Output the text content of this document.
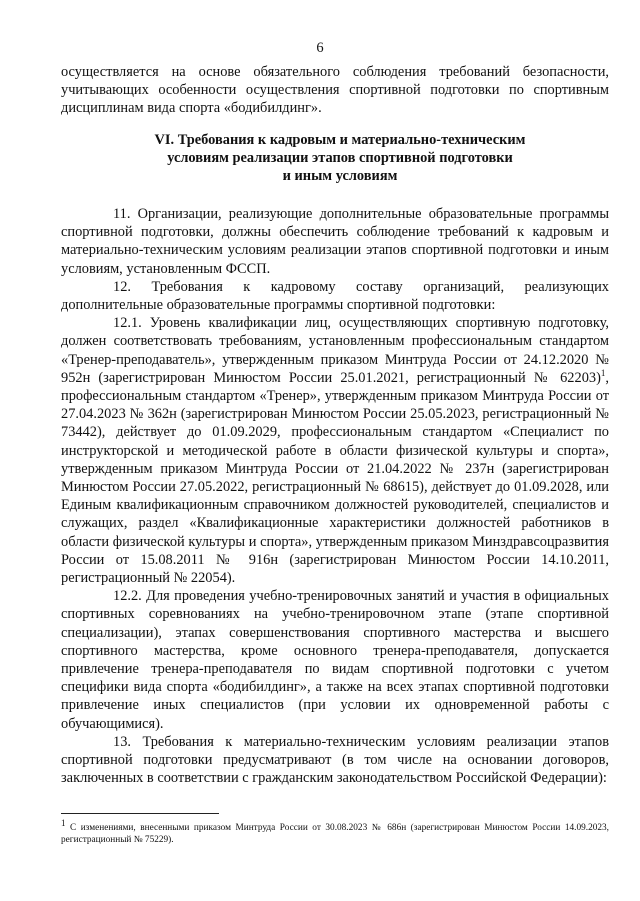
6

осуществляется на основе обязательного соблюдения требований безопасности, учитывающих особенности осуществления спортивной подготовки по спортивным дисциплинам вида спорта «бодибилдинг».

VI. Требования к кадровым и материально-техническим
условиям реализации этапов спортивной подготовки
и иным условиям

11. Организации, реализующие дополнительные образовательные программы спортивной подготовки, должны обеспечить соблюдение требований к кадровым и материально-техническим условиям реализации этапов спортивной подготовки и иным условиям, установленным ФССП.

12. Требования к кадровому составу организаций, реализующих дополнительные образовательные программы спортивной подготовки:

12.1. Уровень квалификации лиц, осуществляющих спортивную подготовку, должен соответствовать требованиям, установленным профессиональным стандартом «Тренер-преподаватель», утвержденным приказом Минтруда России от 24.12.2020 № 952н (зарегистрирован Минюстом России 25.01.2021, регистрационный № 62203)$^1$, профессиональным стандартом «Тренер», утвержденным приказом Минтруда России от 27.04.2023 № 362н (зарегистрирован Минюстом России 25.05.2023, регистрационный № 73442), действует до 01.09.2029, профессиональным стандартом «Специалист по инструкторской и методической работе в области физической культуры и спорта», утвержденным приказом Минтруда России от 21.04.2022 № 237н (зарегистрирован Минюстом России 27.05.2022, регистрационный № 68615), действует до 01.09.2028, или Единым квалификационным справочником должностей руководителей, специалистов и служащих, раздел «Квалификационные характеристики должностей работников в области физической культуры и спорта», утвержденным приказом Минздравсоцразвития России от 15.08.2011 № 916н (зарегистрирован Минюстом России 14.10.2011, регистрационный № 22054).

12.2. Для проведения учебно-тренировочных занятий и участия в официальных спортивных соревнованиях на учебно-тренировочном этапе (этапе спортивной специализации), этапах совершенствования спортивного мастерства и высшего спортивного мастерства, кроме основного тренера-преподавателя, допускается привлечение тренера-преподавателя по видам спортивной подготовки с учетом специфики вида спорта «бодибилдинг», а также на всех этапах спортивной подготовки привлечение иных специалистов (при условии их одновременной работы с обучающимися).

13. Требования к материально-техническим условиям реализации этапов спортивной подготовки предусматривают (в том числе на основании договоров, заключенных в соответствии с гражданским законодательством Российской Федерации):

$^1$ С изменениями, внесенными приказом Минтруда России от 30.08.2023 № 686н (зарегистрирован Минюстом России 14.09.2023, регистрационный № 75229).
